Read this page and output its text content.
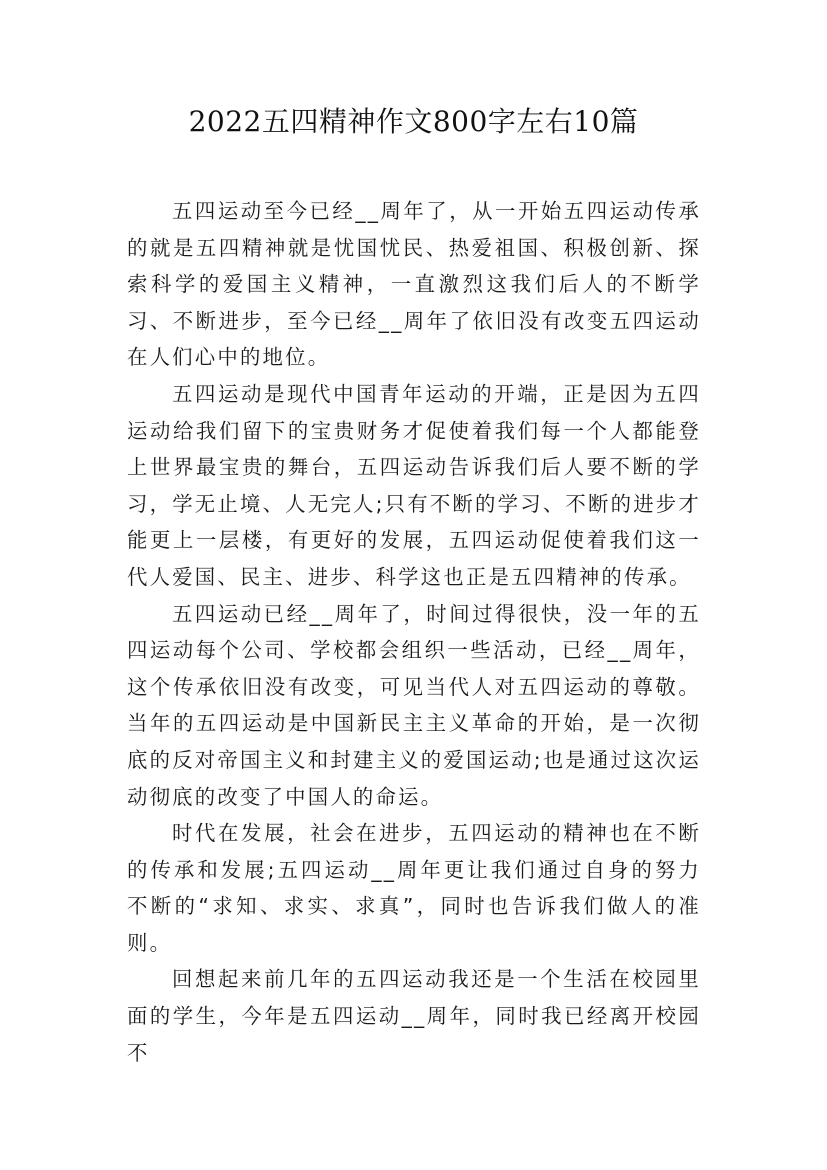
2022五四精神作文800字左右10篇

五四运动至今已经__周年了，从一开始五四运动传承的就是五四精神就是忧国忧民、热爱祖国、积极创新、探索科学的爱国主义精神，一直激烈这我们后人的不断学习、不断进步，至今已经__周年了依旧没有改变五四运动在人们心中的地位。

五四运动是现代中国青年运动的开端，正是因为五四运动给我们留下的宝贵财务才促使着我们每一个人都能登上世界最宝贵的舞台，五四运动告诉我们后人要不断的学习，学无止境、人无完人;只有不断的学习、不断的进步才能更上一层楼，有更好的发展，五四运动促使着我们这一代人爱国、民主、进步、科学这也正是五四精神的传承。

五四运动已经__周年了，时间过得很快，没一年的五四运动每个公司、学校都会组织一些活动，已经__周年，这个传承依旧没有改变，可见当代人对五四运动的尊敬。当年的五四运动是中国新民主主义革命的开始，是一次彻底的反对帝国主义和封建主义的爱国运动;也是通过这次运动彻底的改变了中国人的命运。

时代在发展，社会在进步，五四运动的精神也在不断的传承和发展;五四运动__周年更让我们通过自身的努力不断的“求知、求实、求真”，同时也告诉我们做人的准则。

回想起来前几年的五四运动我还是一个生活在校园里面的学生，今年是五四运动__周年，同时我已经离开校园不
